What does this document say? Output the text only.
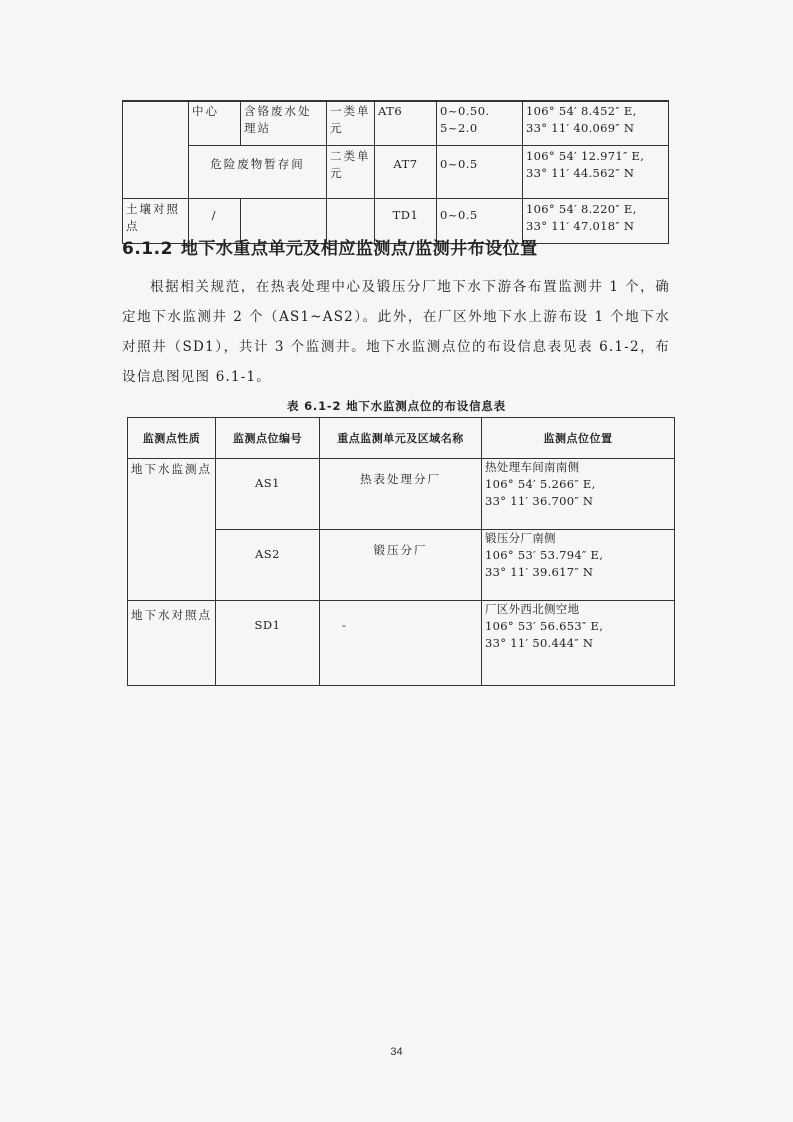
	中心	含铬废水处理站	一类单元	AT6	0~0.50.
5~2.0	106° 54′ 8.452″ E,
33° 11′ 40.069″ N
	危险废物暂存间		二类单元	AT7	0~0.5	106° 54′ 12.971″ E,
33° 11′ 44.562″ N
土壤对照点	/			TD1	0~0.5	106° 54′ 8.220″ E,
33° 11′ 47.018″ N
6.1.2 地下水重点单元及相应监测点/监测井布设位置

根据相关规范，在热表处理中心及锻压分厂地下水下游各布置监测井 1 个，确定地下水监测井 2 个（AS1~AS2）。此外，在厂区外地下水上游布设 1 个地下水对照井（SD1），共计 3 个监测井。地下水监测点位的布设信息表见表 6.1-2，布设信息图见图 6.1-1。

表 6.1-2 地下水监测点位的布设信息表
监测点性质	监测点位编号	重点监测单元及区域名称	监测点位位置
地下水监测点	AS1	热表处理分厂	热处理车间南南侧
106° 54′ 5.266″ E,
33° 11′ 36.700″ N
	AS2	锻压分厂	锻压分厂南侧
106° 53′ 53.794″ E,
33° 11′ 39.617″ N
地下水对照点	SD1	-	厂区外西北侧空地
106° 53′ 56.653″ E,
33° 11′ 50.444″ N
34
